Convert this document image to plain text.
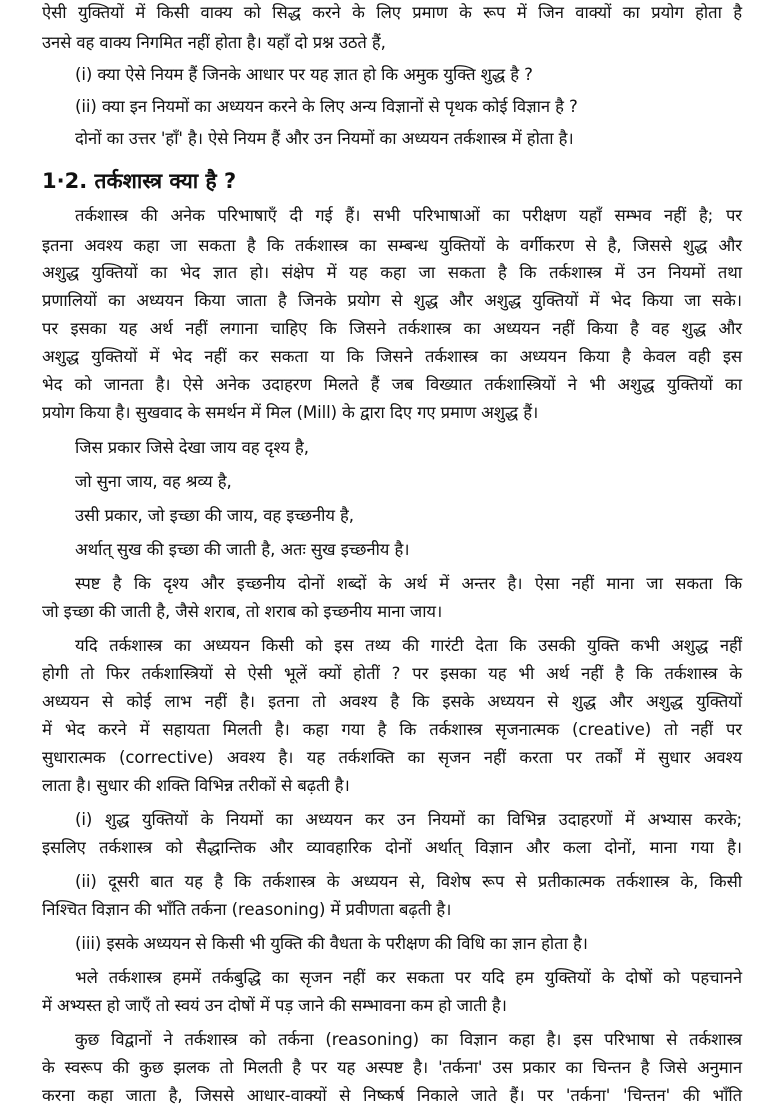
ऐसी युक्तियों में किसी वाक्य को सिद्ध करने के लिए प्रमाण के रूप में जिन वाक्यों का प्रयोग होता है
उनसे वह वाक्य निगमित नहीं होता है। यहाँ दो प्रश्न उठते हैं,
(i) क्या ऐसे नियम हैं जिनके आधार पर यह ज्ञात हो कि अमुक युक्ति शुद्ध है ?
(ii) क्या इन नियमों का अध्ययन करने के लिए अन्य विज्ञानों से पृथक कोई विज्ञान है ?
दोनों का उत्तर 'हाँ' है। ऐसे नियम हैं और उन नियमों का अध्ययन तर्कशास्त्र में होता है।
1·2. तर्कशास्त्र क्या है ?
तर्कशास्त्र की अनेक परिभाषाएँ दी गई हैं। सभी परिभाषाओं का परीक्षण यहाँ सम्भव नहीं है; पर
इतना अवश्य कहा जा सकता है कि तर्कशास्त्र का सम्बन्ध युक्तियों के वर्गीकरण से है, जिससे शुद्ध और
अशुद्ध युक्तियों का भेद ज्ञात हो। संक्षेप में यह कहा जा सकता है कि तर्कशास्त्र में उन नियमों तथा
प्रणालियों का अध्ययन किया जाता है जिनके प्रयोग से शुद्ध और अशुद्ध युक्तियों में भेद किया जा सके।
पर इसका यह अर्थ नहीं लगाना चाहिए कि जिसने तर्कशास्त्र का अध्ययन नहीं किया है वह शुद्ध और
अशुद्ध युक्तियों में भेद नहीं कर सकता या कि जिसने तर्कशास्त्र का अध्ययन किया है केवल वही इस
भेद को जानता है। ऐसे अनेक उदाहरण मिलते हैं जब विख्यात तर्कशास्त्रियों ने भी अशुद्ध युक्तियों का
प्रयोग किया है। सुखवाद के समर्थन में मिल (Mill) के द्वारा दिए गए प्रमाण अशुद्ध हैं।
जिस प्रकार जिसे देखा जाय वह दृश्य है,
जो सुना जाय, वह श्रव्य है,
उसी प्रकार, जो इच्छा की जाय, वह इच्छनीय है,
अर्थात् सुख की इच्छा की जाती है, अतः सुख इच्छनीय है।
स्पष्ट है कि दृश्य और इच्छनीय दोनों शब्दों के अर्थ में अन्तर है। ऐसा नहीं माना जा सकता कि
जो इच्छा की जाती है, जैसे शराब, तो शराब को इच्छनीय माना जाय।
यदि तर्कशास्त्र का अध्ययन किसी को इस तथ्य की गारंटी देता कि उसकी युक्ति कभी अशुद्ध नहीं
होगी तो फिर तर्कशास्त्रियों से ऐसी भूलें क्यों होतीं ? पर इसका यह भी अर्थ नहीं है कि तर्कशास्त्र के
अध्ययन से कोई लाभ नहीं है। इतना तो अवश्य है कि इसके अध्ययन से शुद्ध और अशुद्ध युक्तियों
में भेद करने में सहायता मिलती है। कहा गया है कि तर्कशास्त्र सृजनात्मक (creative) तो नहीं पर
सुधारात्मक (corrective) अवश्य है। यह तर्कशक्ति का सृजन नहीं करता पर तर्कों में सुधार अवश्य
लाता है। सुधार की शक्ति विभिन्न तरीकों से बढ़ती है।
(i) शुद्ध युक्तियों के नियमों का अध्ययन कर उन नियमों का विभिन्न उदाहरणों में अभ्यास करके;
इसलिए तर्कशास्त्र को सैद्धान्तिक और व्यावहारिक दोनों अर्थात् विज्ञान और कला दोनों, माना गया है।
(ii) दूसरी बात यह है कि तर्कशास्त्र के अध्ययन से, विशेष रूप से प्रतीकात्मक तर्कशास्त्र के, किसी
निश्चित विज्ञान की भाँति तर्कना (reasoning) में प्रवीणता बढ़ती है।
(iii) इसके अध्ययन से किसी भी युक्ति की वैधता के परीक्षण की विधि का ज्ञान होता है।
भले तर्कशास्त्र हममें तर्कबुद्धि का सृजन नहीं कर सकता पर यदि हम युक्तियों के दोषों को पहचानने
में अभ्यस्त हो जाएँ तो स्वयं उन दोषों में पड़ जाने की सम्भावना कम हो जाती है।
कुछ विद्वानों ने तर्कशास्त्र को तर्कना (reasoning) का विज्ञान कहा है। इस परिभाषा से तर्कशास्त्र
के स्वरूप की कुछ झलक तो मिलती है पर यह अस्पष्ट है। 'तर्कना' उस प्रकार का चिन्तन है जिसे अनुमान
करना कहा जाता है, जिससे आधार-वाक्यों से निष्कर्ष निकाले जाते हैं। पर 'तर्कना' 'चिन्तन' की भाँति
